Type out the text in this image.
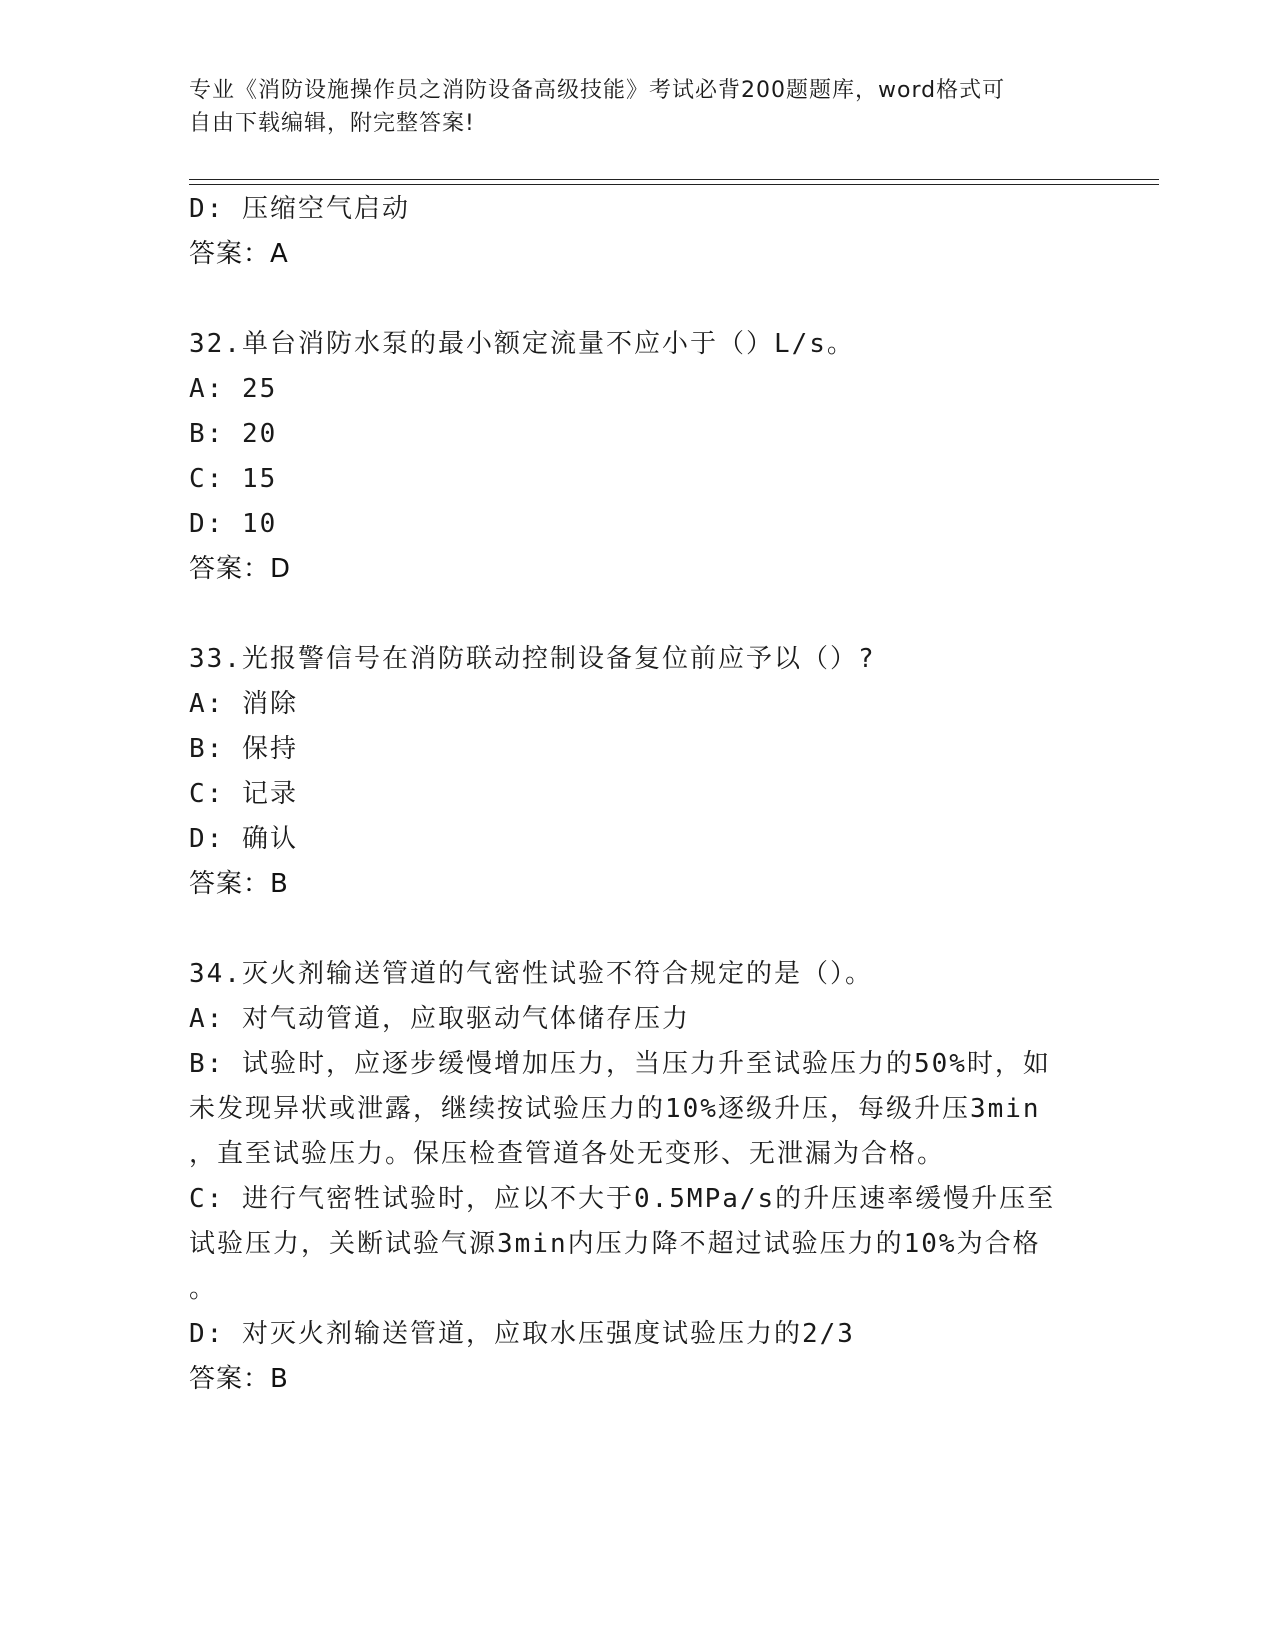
专业《消防设施操作员之消防设备高级技能》考试必背200题题库，word格式可
自由下载编辑，附完整答案!
D: 压缩空气启动
答案：A
32.单台消防水泵的最小额定流量不应小于（）L/s。
A: 25
B: 20
C: 15
D: 10
答案：D
33.光报警信号在消防联动控制设备复位前应予以（）?
A: 消除
B: 保持
C: 记录
D: 确认
答案：B
34.灭火剂输送管道的气密性试验不符合规定的是（）。
A: 对气动管道，应取驱动气体储存压力
B: 试验时，应逐步缓慢增加压力，当压力升至试验压力的50%时，如
未发现异状或泄露，继续按试验压力的10%逐级升压，每级升压3min
，直至试验压力。保压检查管道各处无变形、无泄漏为合格。
C: 进行气密牲试验时，应以不大于0.5MPa/s的升压速率缓慢升压至
试验压力，关断试验气源3min内压力降不超过试验压力的10%为合格
。
D: 对灭火剂输送管道，应取水压强度试验压力的2/3
答案：B
